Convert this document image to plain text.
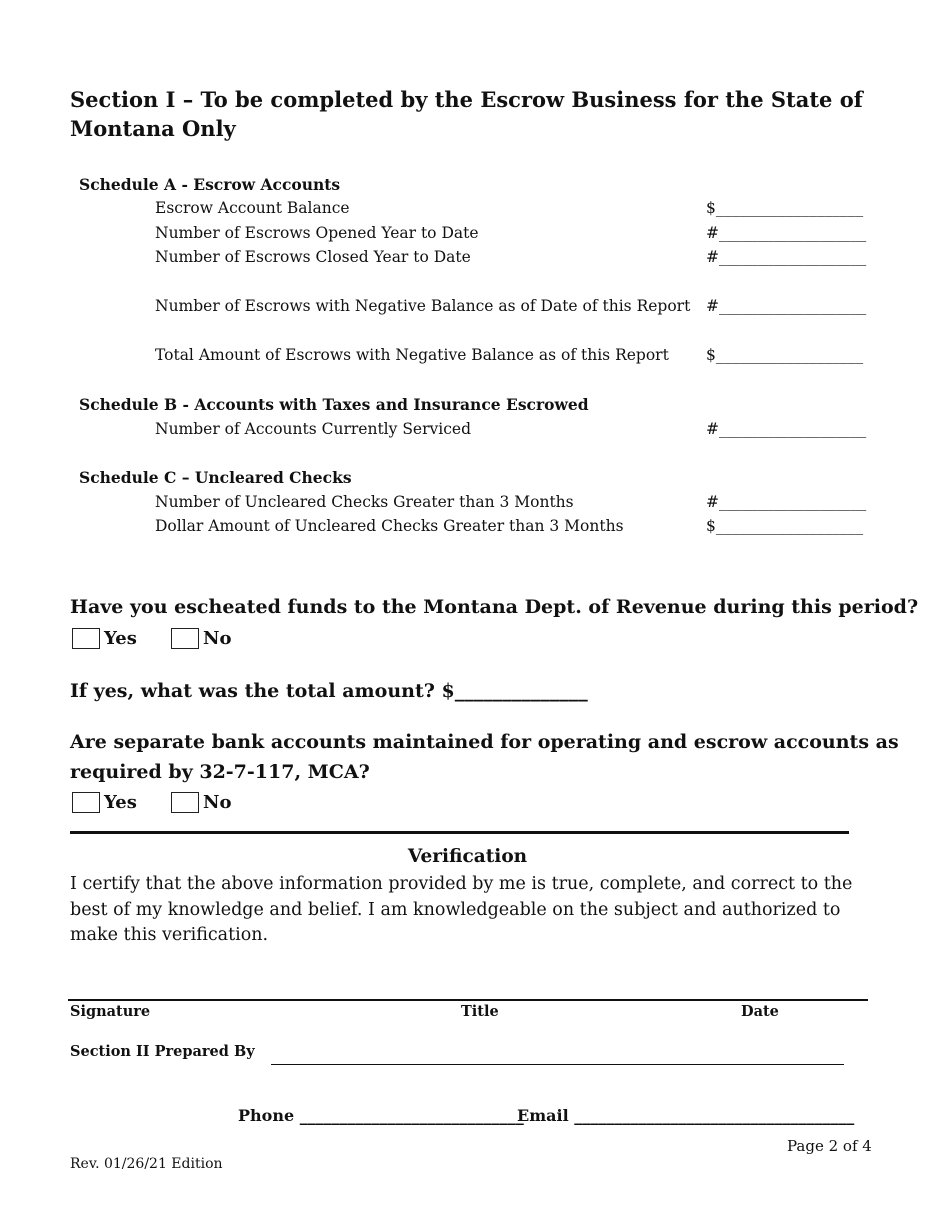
Section I – To be completed by the Escrow Business for the State of
Montana Only
Schedule A - Escrow Accounts
Escrow Account Balance	$___________________
Number of Escrows Opened Year to Date	#___________________
Number of Escrows Closed Year to Date	#___________________
Number of Escrows with Negative Balance as of Date of this Report #___________________
Total Amount of Escrows with Negative Balance as of this Report $___________________
Schedule B - Accounts with Taxes and Insurance Escrowed
Number of Accounts Currently Serviced	#___________________
Schedule C – Uncleared Checks
Number of Uncleared Checks Greater than 3 Months	#___________________
Dollar Amount of Uncleared Checks Greater than 3 Months	$___________________
Have you escheated funds to the Montana Dept. of Revenue during this period?
Yes	No
If yes, what was the total amount? $______________
Are separate bank accounts maintained for operating and escrow accounts as
required by 32-7-117, MCA?
Yes	No
Verification
I certify that the above information provided by me is true, complete, and correct to the best of my knowledge and belief. I am knowledgeable on the subject and authorized to make this verification.
Signature	Title	Date
Section II Prepared By
Phone ____________________________
Email ___________________________________
Page 2 of 4
Rev. 01/26/21 Edition
